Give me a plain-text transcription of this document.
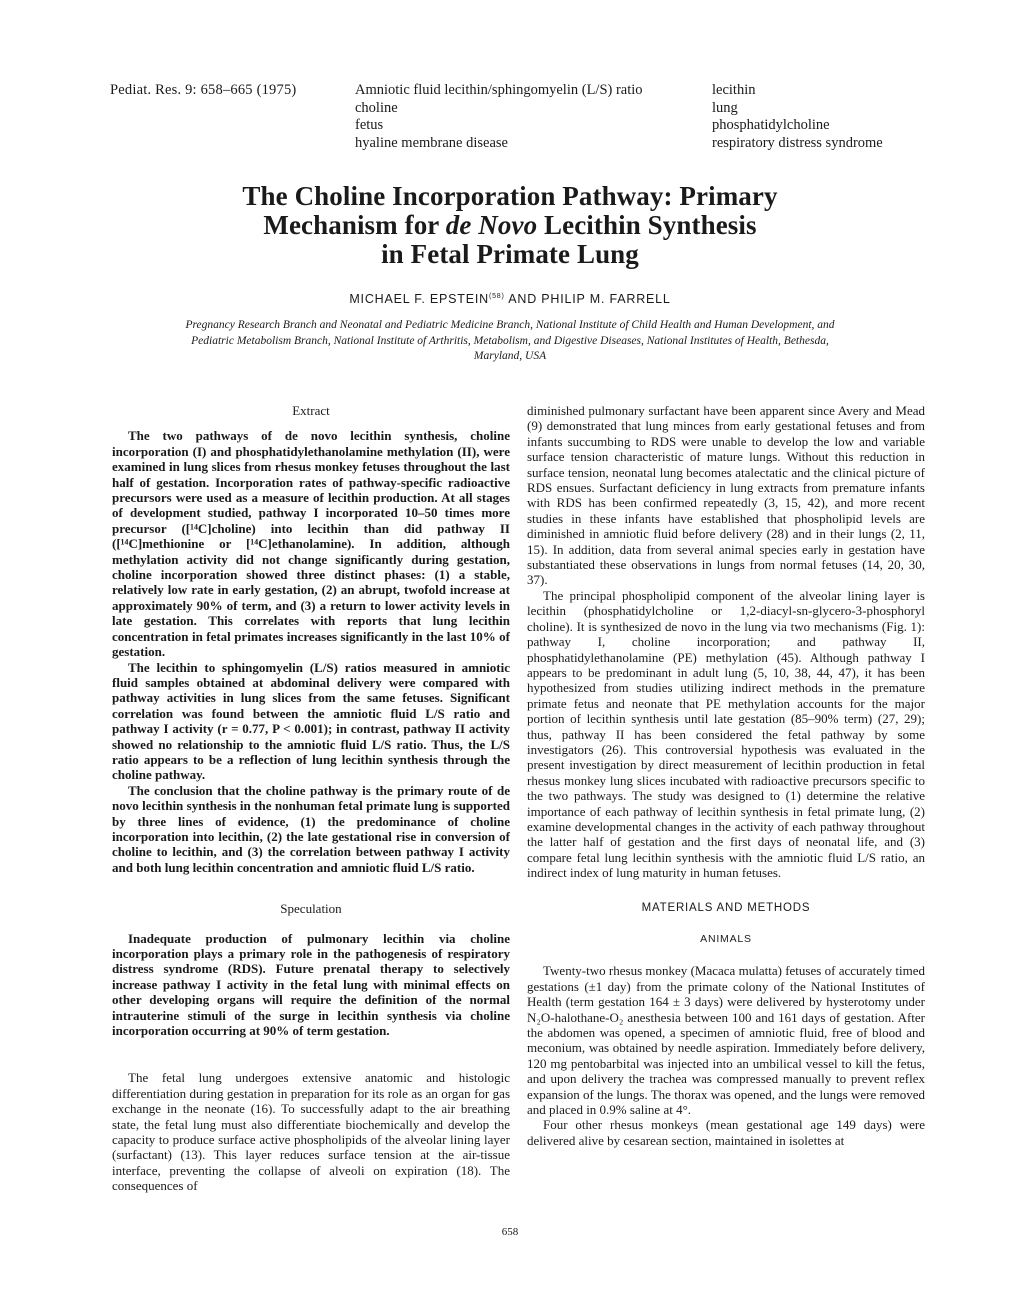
Pediat. Res. 9: 658–665 (1975)	Amniotic fluid lecithin/sphingomyelin (L/S) ratio
choline
fetus
hyaline membrane disease
lecithin
lung
phosphatidylcholine
respiratory distress syndrome
The Choline Incorporation Pathway: Primary
Mechanism for de Novo Lecithin Synthesis
in Fetal Primate Lung
MICHAEL F. EPSTEIN$^{(58)}$ AND PHILIP M. FARRELL
Pregnancy Research Branch and Neonatal and Pediatric Medicine Branch, National Institute of Child Health and Human Development, and Pediatric Metabolism Branch, National Institute of Arthritis, Metabolism, and Digestive Diseases, National Institutes of Health, Bethesda, Maryland, USA
Extract

The two pathways of de novo lecithin synthesis, choline incorporation (I) and phosphatidylethanolamine methylation (II), were examined in lung slices from rhesus monkey fetuses throughout the last half of gestation. Incorporation rates of pathway-specific radioactive precursors were used as a measure of lecithin production. At all stages of development studied, pathway I incorporated 10–50 times more precursor ([¹⁴C]choline) into lecithin than did pathway II ([¹⁴C]methionine or [¹⁴C]ethanolamine). In addition, although methylation activity did not change significantly during gestation, choline incorporation showed three distinct phases: (1) a stable, relatively low rate in early gestation, (2) an abrupt, twofold increase at approximately 90% of term, and (3) a return to lower activity levels in late gestation. This correlates with reports that lung lecithin concentration in fetal primates increases significantly in the last 10% of gestation.

The lecithin to sphingomyelin (L/S) ratios measured in amniotic fluid samples obtained at abdominal delivery were compared with pathway activities in lung slices from the same fetuses. Significant correlation was found between the amniotic fluid L/S ratio and pathway I activity (r = 0.77, P < 0.001); in contrast, pathway II activity showed no relationship to the amniotic fluid L/S ratio. Thus, the L/S ratio appears to be a reflection of lung lecithin synthesis through the choline pathway.

The conclusion that the choline pathway is the primary route of de novo lecithin synthesis in the nonhuman fetal primate lung is supported by three lines of evidence, (1) the predominance of choline incorporation into lecithin, (2) the late gestational rise in conversion of choline to lecithin, and (3) the correlation between pathway I activity and both lung lecithin concentration and amniotic fluid L/S ratio.

Speculation

Inadequate production of pulmonary lecithin via choline incorporation plays a primary role in the pathogenesis of respiratory distress syndrome (RDS). Future prenatal therapy to selectively increase pathway I activity in the fetal lung with minimal effects on other developing organs will require the definition of the normal intrauterine stimuli of the surge in lecithin synthesis via choline incorporation occurring at 90% of term gestation.

The fetal lung undergoes extensive anatomic and histologic differentiation during gestation in preparation for its role as an organ for gas exchange in the neonate (16). To successfully adapt to the air breathing state, the fetal lung must also differentiate biochemically and develop the capacity to produce surface active phospholipids of the alveolar lining layer (surfactant) (13). This layer reduces surface tension at the air-tissue interface, preventing the collapse of alveoli on expiration (18). The consequences of

diminished pulmonary surfactant have been apparent since Avery and Mead (9) demonstrated that lung minces from early gestational fetuses and from infants succumbing to RDS were unable to develop the low and variable surface tension characteristic of mature lungs. Without this reduction in surface tension, neonatal lung becomes atalectatic and the clinical picture of RDS ensues. Surfactant deficiency in lung extracts from premature infants with RDS has been confirmed repeatedly (3, 15, 42), and more recent studies in these infants have established that phospholipid levels are diminished in amniotic fluid before delivery (28) and in their lungs (2, 11, 15). In addition, data from several animal species early in gestation have substantiated these observations in lungs from normal fetuses (14, 20, 30, 37).

The principal phospholipid component of the alveolar lining layer is lecithin (phosphatidylcholine or 1,2-diacyl-sn-glycero-3-phosphoryl choline). It is synthesized de novo in the lung via two mechanisms (Fig. 1): pathway I, choline incorporation; and pathway II, phosphatidylethanolamine (PE) methylation (45). Although pathway I appears to be predominant in adult lung (5, 10, 38, 44, 47), it has been hypothesized from studies utilizing indirect methods in the premature primate fetus and neonate that PE methylation accounts for the major portion of lecithin synthesis until late gestation (85–90% term) (27, 29); thus, pathway II has been considered the fetal pathway by some investigators (26). This controversial hypothesis was evaluated in the present investigation by direct measurement of lecithin production in fetal rhesus monkey lung slices incubated with radioactive precursors specific to the two pathways. The study was designed to (1) determine the relative importance of each pathway of lecithin synthesis in fetal primate lung, (2) examine developmental changes in the activity of each pathway throughout the latter half of gestation and the first days of neonatal life, and (3) compare fetal lung lecithin synthesis with the amniotic fluid L/S ratio, an indirect index of lung maturity in human fetuses.

MATERIALS AND METHODS
ANIMALS

Twenty-two rhesus monkey (Macaca mulatta) fetuses of accurately timed gestations (±1 day) from the primate colony of the National Institutes of Health (term gestation 164 ± 3 days) were delivered by hysterotomy under N₂O-halothane-O₂ anesthesia between 100 and 161 days of gestation. After the abdomen was opened, a specimen of amniotic fluid, free of blood and meconium, was obtained by needle aspiration. Immediately before delivery, 120 mg pentobarbital was injected into an umbilical vessel to kill the fetus, and upon delivery the trachea was compressed manually to prevent reflex expansion of the lungs. The thorax was opened, and the lungs were removed and placed in 0.9% saline at 4°.

Four other rhesus monkeys (mean gestational age 149 days) were delivered alive by cesarean section, maintained in isolettes at

658
